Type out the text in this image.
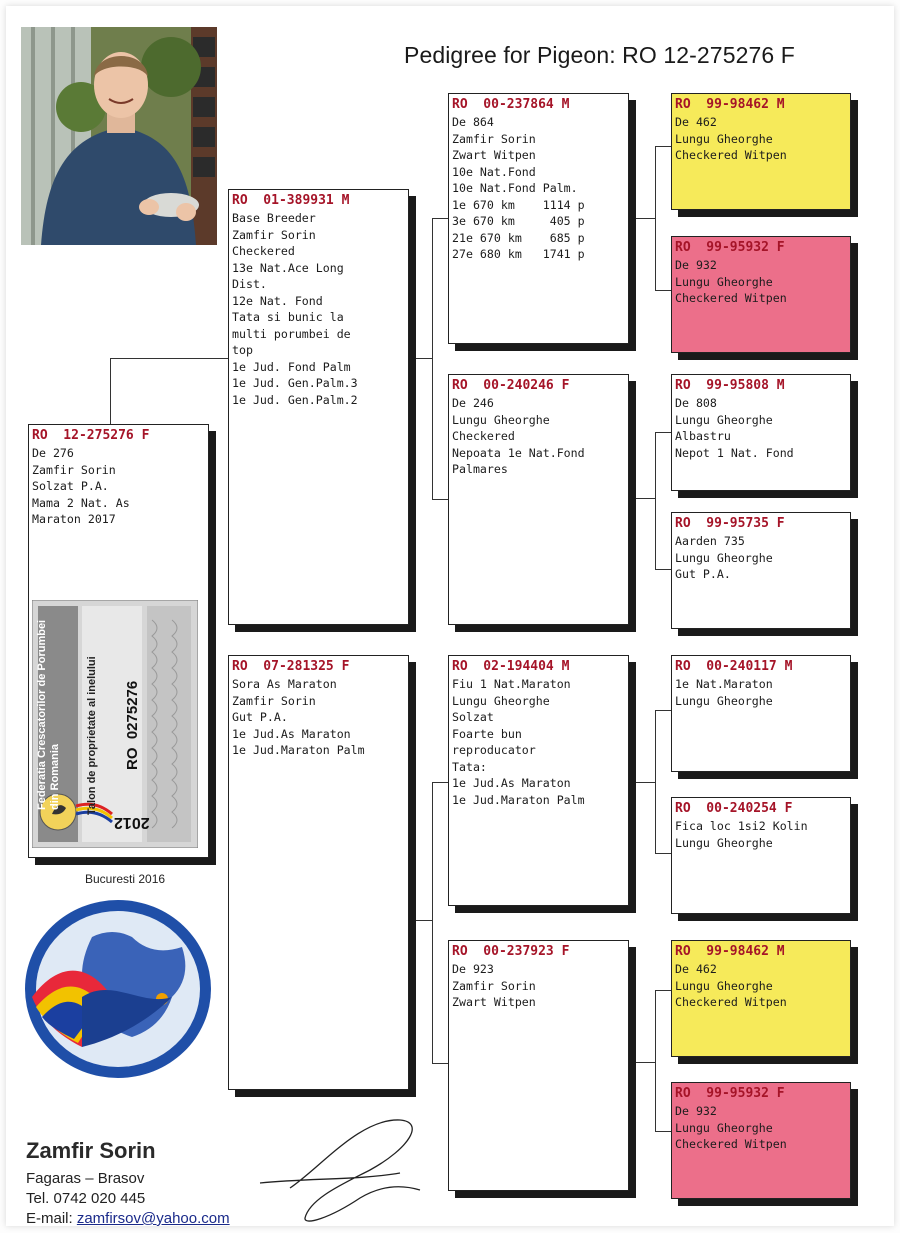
Pedigree for Pigeon: RO 12-275276 F
RO  12-275276 F
De 276
Zamfir Sorin
Solzat P.A.
Mama 2 Nat. As
Maraton 2017
Federatia Crescatorilor de Porumbei din Romania Talon de proprietate al inelului RO  0275276
2012
Bucuresti 2016
RO  01-389931 M
Base Breeder
Zamfir Sorin
Checkered
13e Nat.Ace Long
Dist.
12e Nat. Fond
Tata si bunic la
multi porumbei de
top
1e Jud. Fond Palm
1e Jud. Gen.Palm.3
1e Jud. Gen.Palm.2
RO  07-281325 F
Sora As Maraton
Zamfir Sorin
Gut P.A.
1e Jud.As Maraton
1e Jud.Maraton Palm
RO  00-237864 M
De 864
Zamfir Sorin
Zwart Witpen
10e Nat.Fond
10e Nat.Fond Palm.
1e 670 km    1114 p
3e 670 km     405 p
21e 670 km    685 p
27e 680 km   1741 p
RO  00-240246 F
De 246
Lungu Gheorghe
Checkered
Nepoata 1e Nat.Fond
Palmares
RO  02-194404 M
Fiu 1 Nat.Maraton
Lungu Gheorghe
Solzat
Foarte bun
reproducator
Tata:
1e Jud.As Maraton
1e Jud.Maraton Palm
RO  00-237923 F
De 923
Zamfir Sorin
Zwart Witpen
RO  99-98462 M
De 462
Lungu Gheorghe
Checkered Witpen
RO  99-95932 F
De 932
Lungu Gheorghe
Checkered Witpen
RO  99-95808 M
De 808
Lungu Gheorghe
Albastru
Nepot 1 Nat. Fond
RO  99-95735 F
Aarden 735
Lungu Gheorghe
Gut P.A.
RO  00-240117 M
1e Nat.Maraton
Lungu Gheorghe
RO  00-240254 F
Fica loc 1si2 Kolin
Lungu Gheorghe
RO  99-98462 M
De 462
Lungu Gheorghe
Checkered Witpen
RO  99-95932 F
De 932
Lungu Gheorghe
Checkered Witpen
Zamfir Sorin
Fagaras – Brasov
Tel. 0742 020 445
E-mail: zamfirsov@yahoo.com
